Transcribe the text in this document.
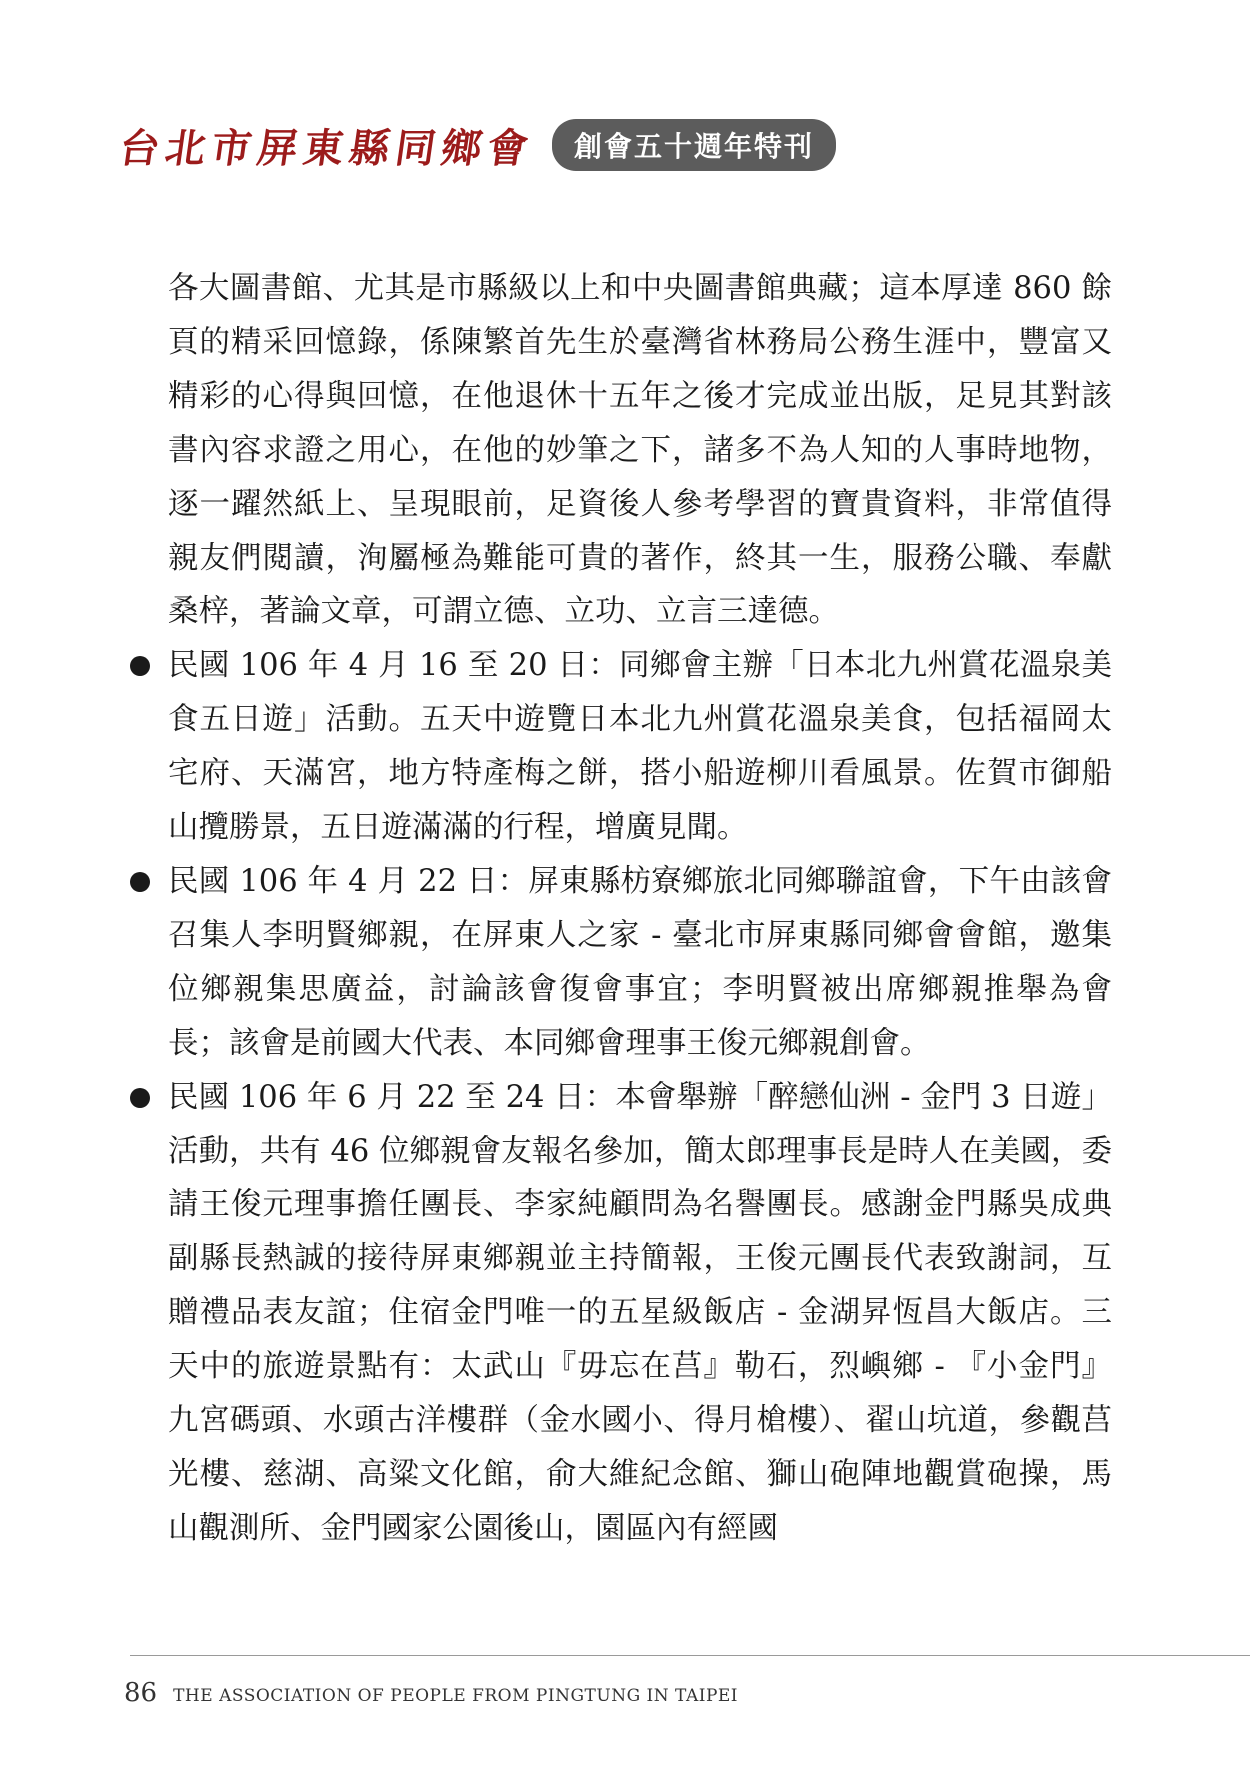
台北市屏東縣同鄉會	創會五十週年特刊
各大圖書館、尤其是市縣級以上和中央圖書館典藏；這本厚達 860 餘頁的精采回憶錄，係陳繁首先生於臺灣省林務局公務生涯中，豐富又精彩的心得與回憶，在他退休十五年之後才完成並出版，足見其對該書內容求證之用心，在他的妙筆之下，諸多不為人知的人事時地物，逐一躍然紙上、呈現眼前，足資後人參考學習的寶貴資料，非常值得親友們閱讀，洵屬極為難能可貴的著作，終其一生，服務公職、奉獻桑梓，著論文章，可謂立德、立功、立言三達德。
民國 106 年 4 月 16 至 20 日：同鄉會主辦「日本北九州賞花溫泉美食五日遊」活動。五天中遊覽日本北九州賞花溫泉美食，包括福岡太宅府、天滿宮，地方特產梅之餅，搭小船遊柳川看風景。佐賀市御船山攬勝景，五日遊滿滿的行程，增廣見聞。
民國 106 年 4 月 22 日：屏東縣枋寮鄉旅北同鄉聯誼會，下午由該會召集人李明賢鄉親，在屏東人之家 - 臺北市屏東縣同鄉會會館，邀集位鄉親集思廣益，討論該會復會事宜；李明賢被出席鄉親推舉為會長；該會是前國大代表、本同鄉會理事王俊元鄉親創會。
民國 106 年 6 月 22 至 24 日：本會舉辦「醉戀仙洲 - 金門 3 日遊」活動，共有 46 位鄉親會友報名參加，簡太郎理事長是時人在美國，委請王俊元理事擔任團長、李家純顧問為名譽團長。感謝金門縣吳成典副縣長熱誠的接待屏東鄉親並主持簡報，王俊元團長代表致謝詞，互贈禮品表友誼；住宿金門唯一的五星級飯店 - 金湖昇恆昌大飯店。三天中的旅遊景點有：太武山『毋忘在莒』勒石，烈嶼鄉 - 『小金門』九宮碼頭、水頭古洋樓群（金水國小、得月槍樓）、翟山坑道，參觀莒光樓、慈湖、高粱文化館，俞大維紀念館、獅山砲陣地觀賞砲操，馬山觀測所、金門國家公園後山，園區內有經國
86 THE ASSOCIATION OF PEOPLE FROM PINGTUNG IN TAIPEI
